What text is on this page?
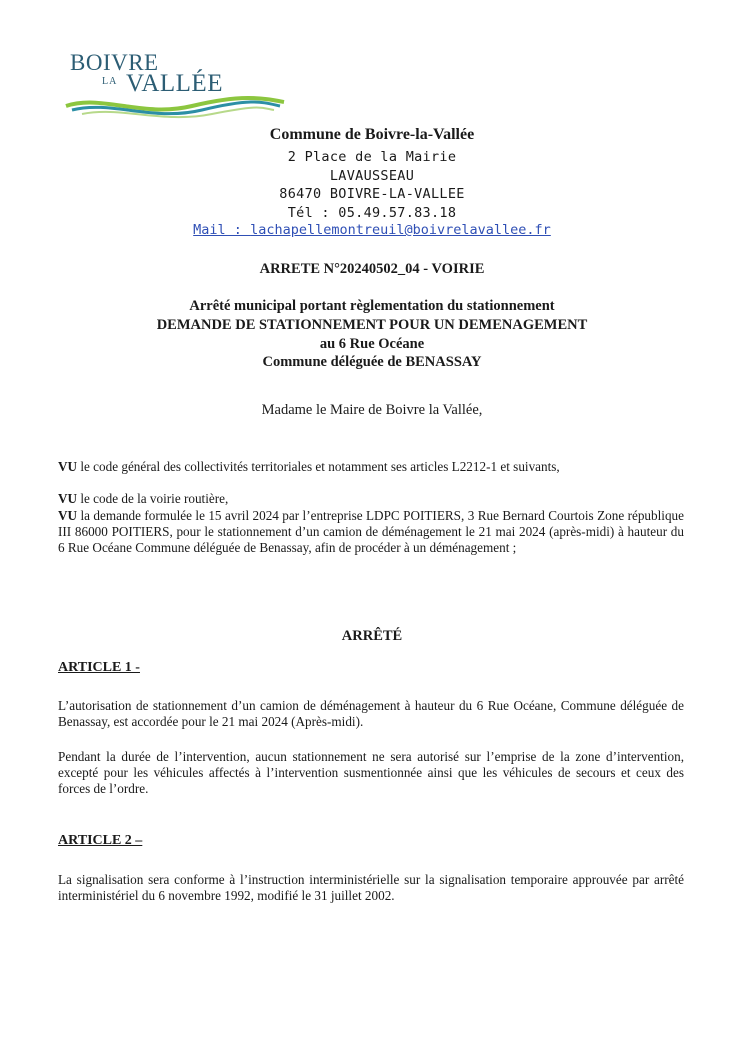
BOIVRE
LA VALLÉE
Commune de Boivre-la-Vallée
2 Place de la Mairie
LAVAUSSEAU
86470 BOIVRE-LA-VALLEE
Tél : 05.49.57.83.18
Mail : lachapellemontreuil@boivrelavallee.fr
ARRETE N°20240502_04 - VOIRIE
Arrêté municipal portant règlementation du stationnement
DEMANDE DE STATIONNEMENT POUR UN DEMENAGEMENT
au 6 Rue Océane
Commune déléguée de BENASSAY
Madame le Maire de Boivre la Vallée,
VU le code général des collectivités territoriales et notamment ses articles L2212-1 et suivants,
VU le code de la voirie routière,
VU la demande formulée le 15 avril 2024 par l’entreprise LDPC POITIERS, 3 Rue Bernard Courtois Zone république III 86000 POITIERS, pour le stationnement d’un camion de déménagement le 21 mai 2024 (après-midi) à hauteur du 6 Rue Océane Commune déléguée de Benassay, afin de procéder à un déménagement ;
ARRÊTÉ
ARTICLE 1 -
L’autorisation de stationnement d’un camion de déménagement à hauteur du 6 Rue Océane, Commune déléguée de Benassay, est accordée pour le 21 mai 2024 (Après-midi).
Pendant la durée de l’intervention, aucun stationnement ne sera autorisé sur l’emprise de la zone d’intervention, excepté pour les véhicules affectés à l’intervention susmentionnée ainsi que les véhicules de secours et ceux des forces de l’ordre.
ARTICLE 2 –
La signalisation sera conforme à l’instruction interministérielle sur la signalisation temporaire approuvée par arrêté interministériel du 6 novembre 1992, modifié le 31 juillet 2002.
